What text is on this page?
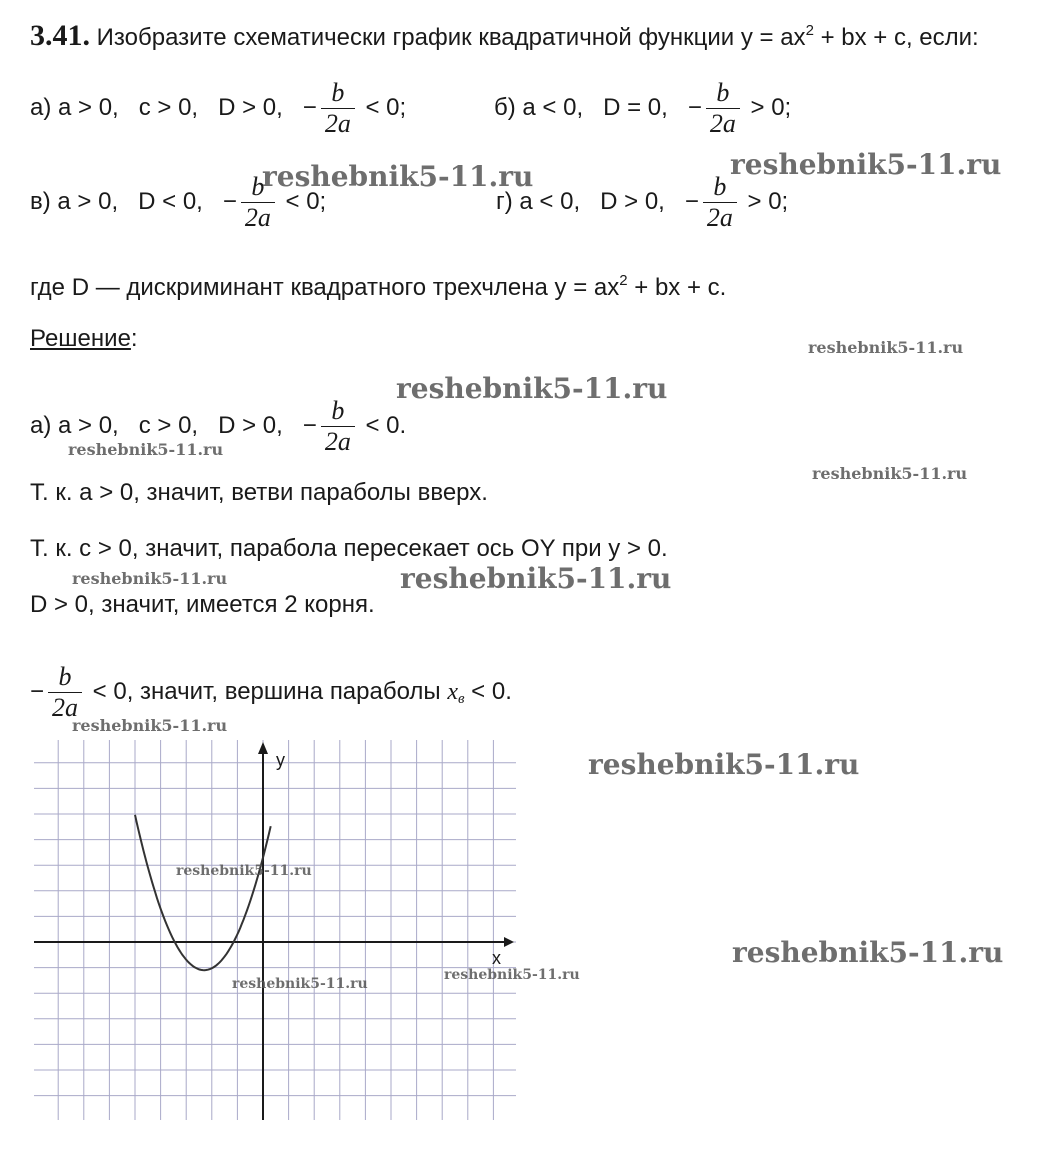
3.41. Изобразите схематически график квадратичной функции $y = ax^2$ + bx + c, если:
а) a > 0,   c > 0,   D > 0,   − $\frac{b}{2a} < 0$;	б) a < 0,   D = 0,   − $\frac{b}{2a} > 0$;
в) a > 0,   D < 0,   − $\frac{b}{2a} < 0$;	г) a < 0,   D > 0,   − $\frac{b}{2a} > 0$;
где D — дискриминант квадратного трехчлена $y = ax^2$ + bx + c.
Решение:
а) a > 0,   c > 0,   D > 0,   − $\frac{b}{2a} < 0$.
Т. к. a > 0, значит, ветви параболы вверх.
Т. к. c > 0, значит, парабола пересекает ось OY при y > 0.
D > 0, значит, имеется 2 корня.
− $\frac{b}{2a} < 0$, значит, вершина параболы $x_в < 0$.
y
x
reshebnik5-11.ru	reshebnik5-11.ru
reshebnik5-11.ru
reshebnik5-11.ru
reshebnik5-11.ru
reshebnik5-11.ru
reshebnik5-11.ru	reshebnik5-11.ru
reshebnik5-11.ru
reshebnik5-11.ru
reshebnik5-11.ru
reshebnik5-11.ru
reshebnik5-11.ru
reshebnik5-11.ru
